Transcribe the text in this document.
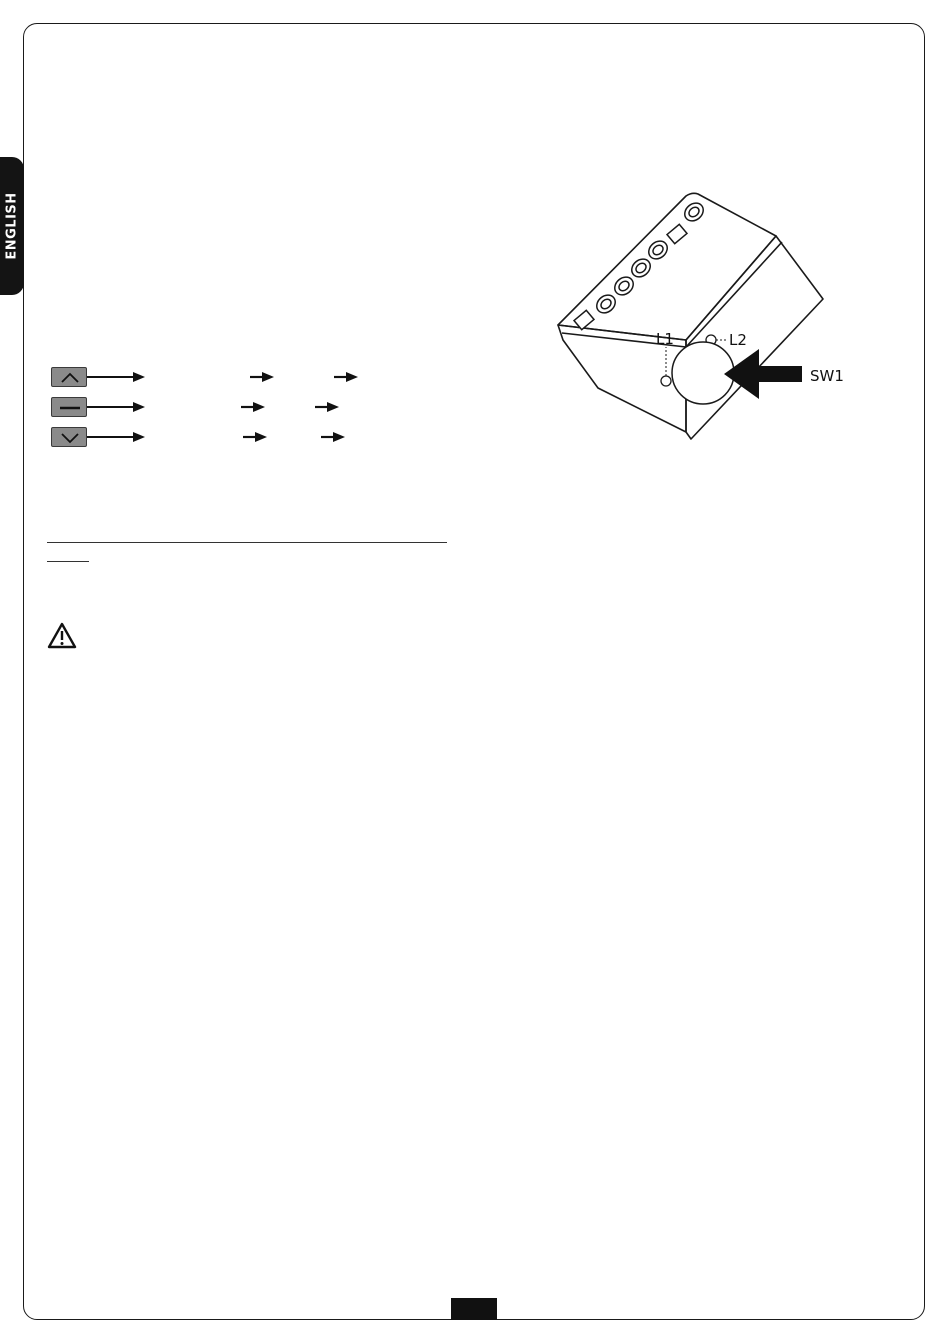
ENGLISH
L1	L2
SW1
